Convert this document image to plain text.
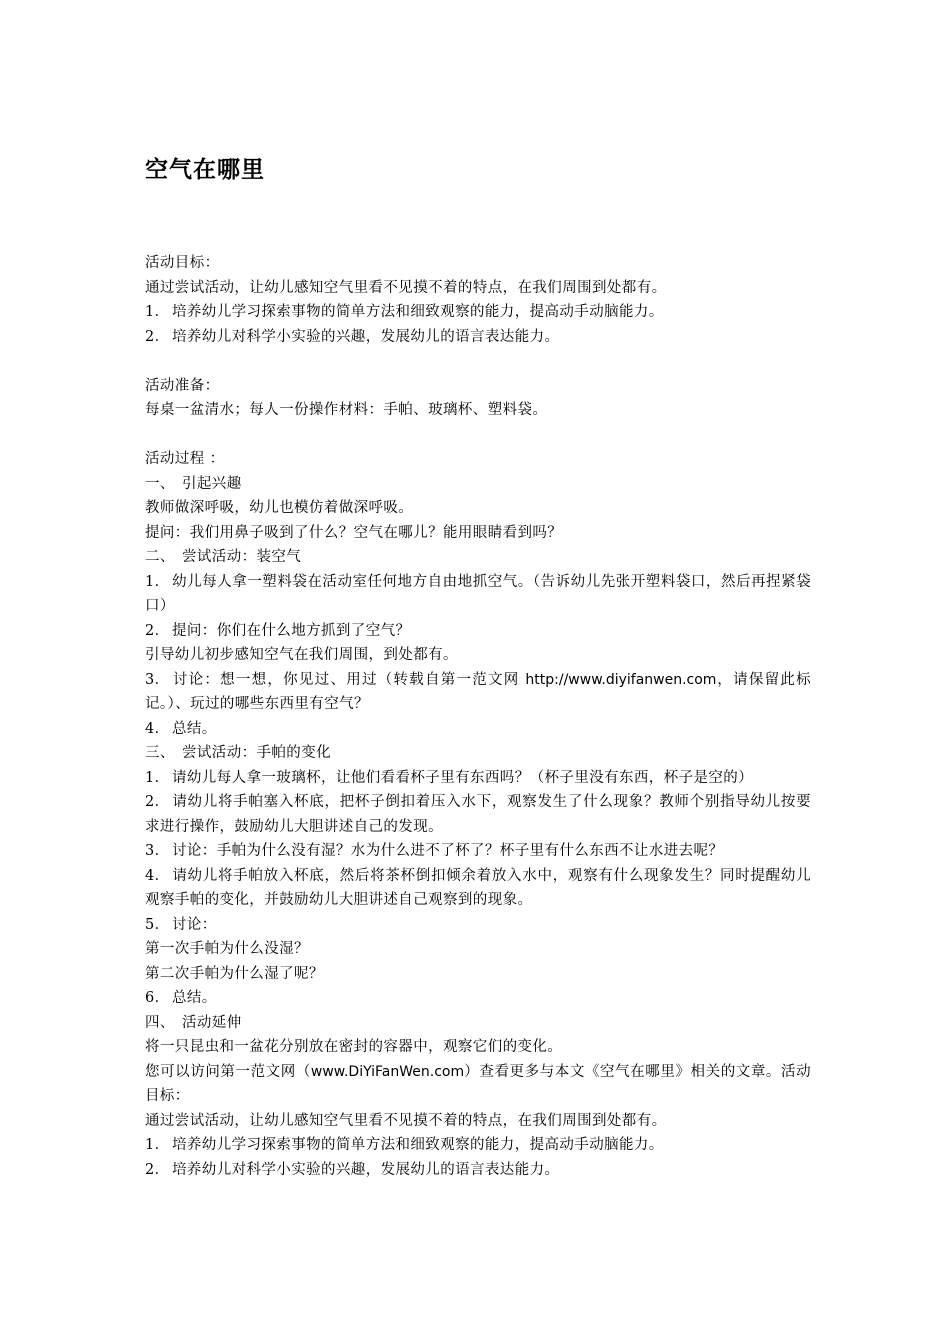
空气在哪里

活动目标：

通过尝试活动，让幼儿感知空气里看不见摸不着的特点，在我们周围到处都有。

1． 培养幼儿学习探索事物的简单方法和细致观察的能力，提高动手动脑能力。

2． 培养幼儿对科学小实验的兴趣，发展幼儿的语言表达能力。

活动准备：

每桌一盆清水；每人一份操作材料：手帕、玻璃杯、塑料袋。

活动过程 ：

一、 引起兴趣

教师做深呼吸，幼儿也模仿着做深呼吸。

提问：我们用鼻子吸到了什么？空气在哪儿？能用眼睛看到吗？

二、 尝试活动：装空气

1． 幼儿每人拿一塑料袋在活动室任何地方自由地抓空气。（告诉幼儿先张开塑料袋口，然后再捏紧袋口）

2． 提问：你们在什么地方抓到了空气？

引导幼儿初步感知空气在我们周围，到处都有。

3． 讨论：想一想，你见过、用过（转载自第一范文网 http://www.diyifanwen.com，请保留此标记。）、玩过的哪些东西里有空气？

4． 总结。

三、 尝试活动：手帕的变化

1． 请幼儿每人拿一玻璃杯，让他们看看杯子里有东西吗？（杯子里没有东西，杯子是空的）

2． 请幼儿将手帕塞入杯底，把杯子倒扣着压入水下，观察发生了什么现象？教师个别指导幼儿按要求进行操作，鼓励幼儿大胆讲述自己的发现。

3． 讨论：手帕为什么没有湿？水为什么进不了杯了？杯子里有什么东西不让水进去呢？

4． 请幼儿将手帕放入杯底，然后将茶杯倒扣倾余着放入水中，观察有什么现象发生？同时提醒幼儿观察手帕的变化，并鼓励幼儿大胆讲述自己观察到的现象。

5． 讨论：

第一次手帕为什么没湿？

第二次手帕为什么湿了呢？

6． 总结。

四、 活动延伸

将一只昆虫和一盆花分别放在密封的容器中，观察它们的变化。

您可以访问第一范文网（www.DiYiFanWen.com）查看更多与本文《空气在哪里》相关的文章。活动目标：

通过尝试活动，让幼儿感知空气里看不见摸不着的特点，在我们周围到处都有。

1． 培养幼儿学习探索事物的简单方法和细致观察的能力，提高动手动脑能力。

2． 培养幼儿对科学小实验的兴趣，发展幼儿的语言表达能力。
